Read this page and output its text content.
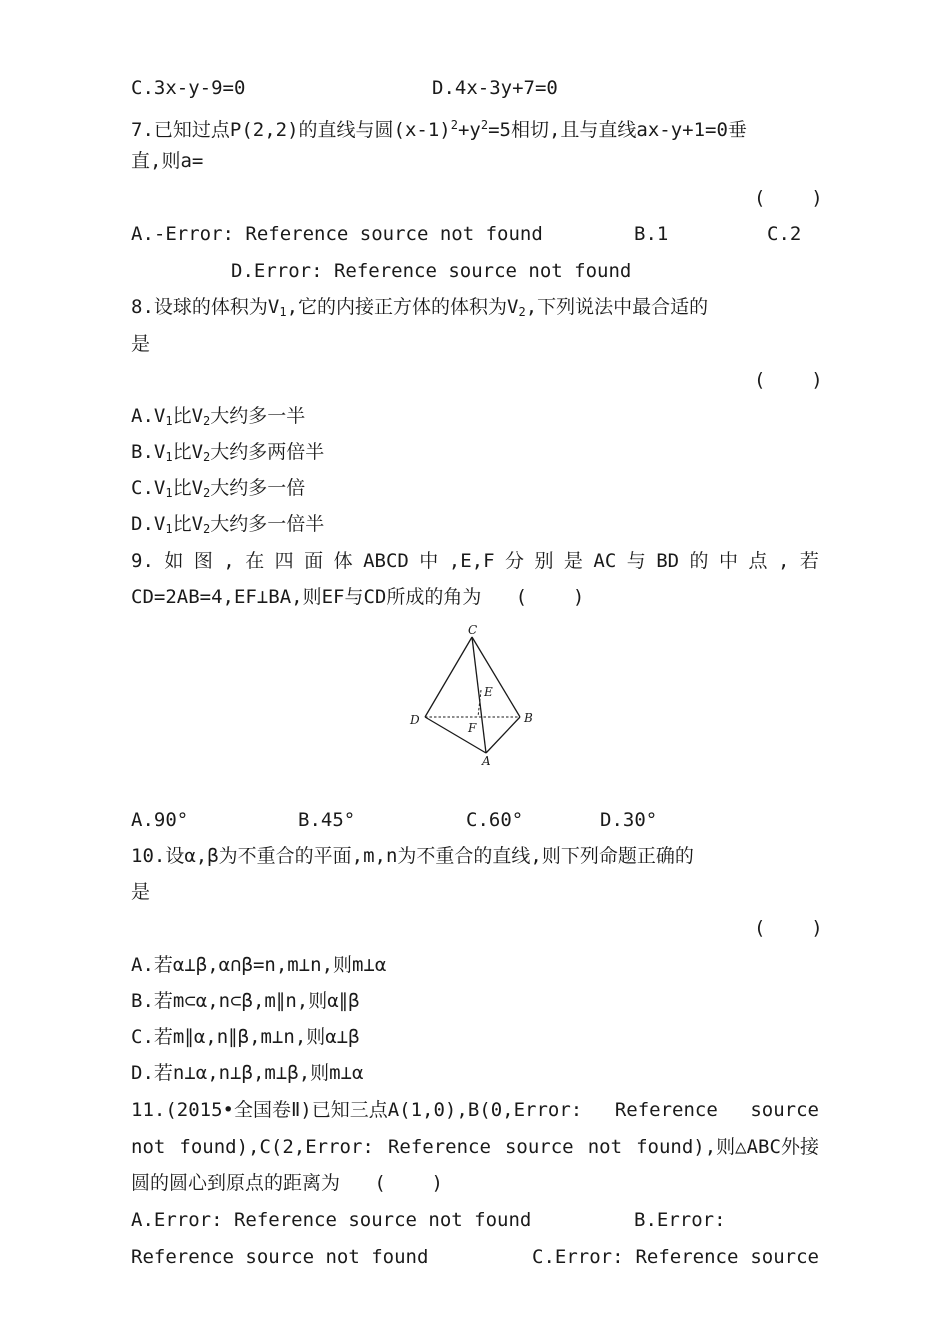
C.3x-y-9=0	D.4x-3y+7=0
7.已知过点P(2,2)的直线与圆$(x-1)^2+y^2=5$相切,且与直线ax-y+1=0垂
直,则a=
(    )
A.-Error: Reference source not found	B.1	C.2
D.Error: Reference source not found
8.设球的体积为$V_1$,它的内接正方体的体积为$V_2$,下列说法中最合适的
是
(    )
$A.V_1$比$V_2$大约多一半
$B.V_1$比$V_2$大约多两倍半
$C.V_1$比$V_2$大约多一倍
$D.V_1$比$V_2$大约多一倍半
9. 如 图 , 在 四 面 体 ABCD 中 ,E,F 分 别 是 AC 与 BD 的 中 点 , 若
CD=2AB=4,EF⊥BA,则EF与CD所成的角为   (    )
C
D	B
A
E
F
A.90°	B.45°	C.60°	D.30°
10.设α,β为不重合的平面,m,n为不重合的直线,则下列命题正确的
是
(    )
A.若α⊥β,α∩β=n,m⊥n,则m⊥α
B.若m⊂α,n⊂β,m∥n,则α∥β
C.若m∥α,n∥β,m⊥n,则α⊥β
D.若n⊥α,n⊥β,m⊥β,则m⊥α
11.(2015•全国卷Ⅱ)已知三点A(1,0),B(0,Error: Reference source
not found),C(2,Error: Reference source not found),则△ABC外接
圆的圆心到原点的距离为   (    )
A.Error: Reference source not found	B.Error:
Reference source not found	C.Error: Reference source
